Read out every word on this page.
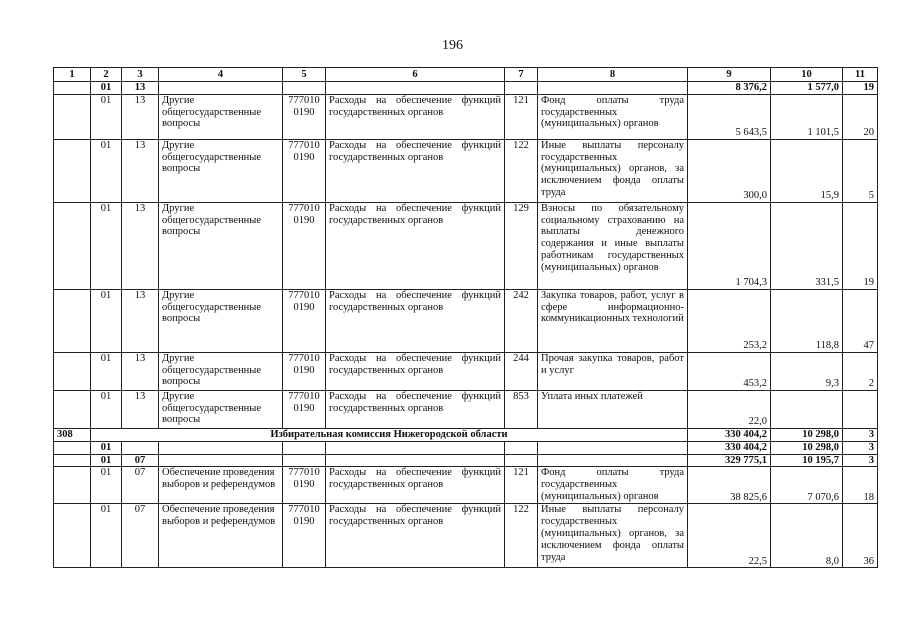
196
1	2	3	4	5	6	7	8	9	10	11
	01	13						8 376,2	1 577,0	19
	01	13	Другие общегосударственные вопросы	777010 0190	Расходы на обеспечение функций государственных органов	121	Фонд оплаты труда государственных (муниципальных) органов	5 643,5	1 101,5	20
	01	13	Другие общегосударственные вопросы	777010 0190	Расходы на обеспечение функций государственных органов	122	Иные выплаты персоналу государственных (муниципальных) органов, за исключением фонда оплаты труда	300,0	15,9	5
	01	13	Другие общегосударственные вопросы	777010 0190	Расходы на обеспечение функций государственных органов	129	Взносы по обязательному социальному страхованию на выплаты денежного содержания и иные выплаты работникам государственных (муниципальных) органов	1 704,3	331,5	19
	01	13	Другие общегосударственные вопросы	777010 0190	Расходы на обеспечение функций государственных органов	242	Закупка товаров, работ, услуг в сфере информационно-коммуникационных технологий	253,2	118,8	47
	01	13	Другие общегосударственные вопросы	777010 0190	Расходы на обеспечение функций государственных органов	244	Прочая закупка товаров, работ и услуг	453,2	9,3	2
	01	13	Другие общегосударственные вопросы	777010 0190	Расходы на обеспечение функций государственных органов	853	Уплата иных платежей	22,0		
308	Избирательная комиссия Нижегородской области							330 404,2	10 298,0	3
	01							330 404,2	10 298,0	3
	01	07						329 775,1	10 195,7	3
	01	07	Обеспечение проведения выборов и референдумов	777010 0190	Расходы на обеспечение функций государственных органов	121	Фонд оплаты труда государственных (муниципальных) органов	38 825,6	7 070,6	18
	01	07	Обеспечение проведения выборов и референдумов	777010 0190	Расходы на обеспечение функций государственных органов	122	Иные выплаты персоналу государственных (муниципальных) органов, за исключением фонда оплаты труда	22,5	8,0	36
